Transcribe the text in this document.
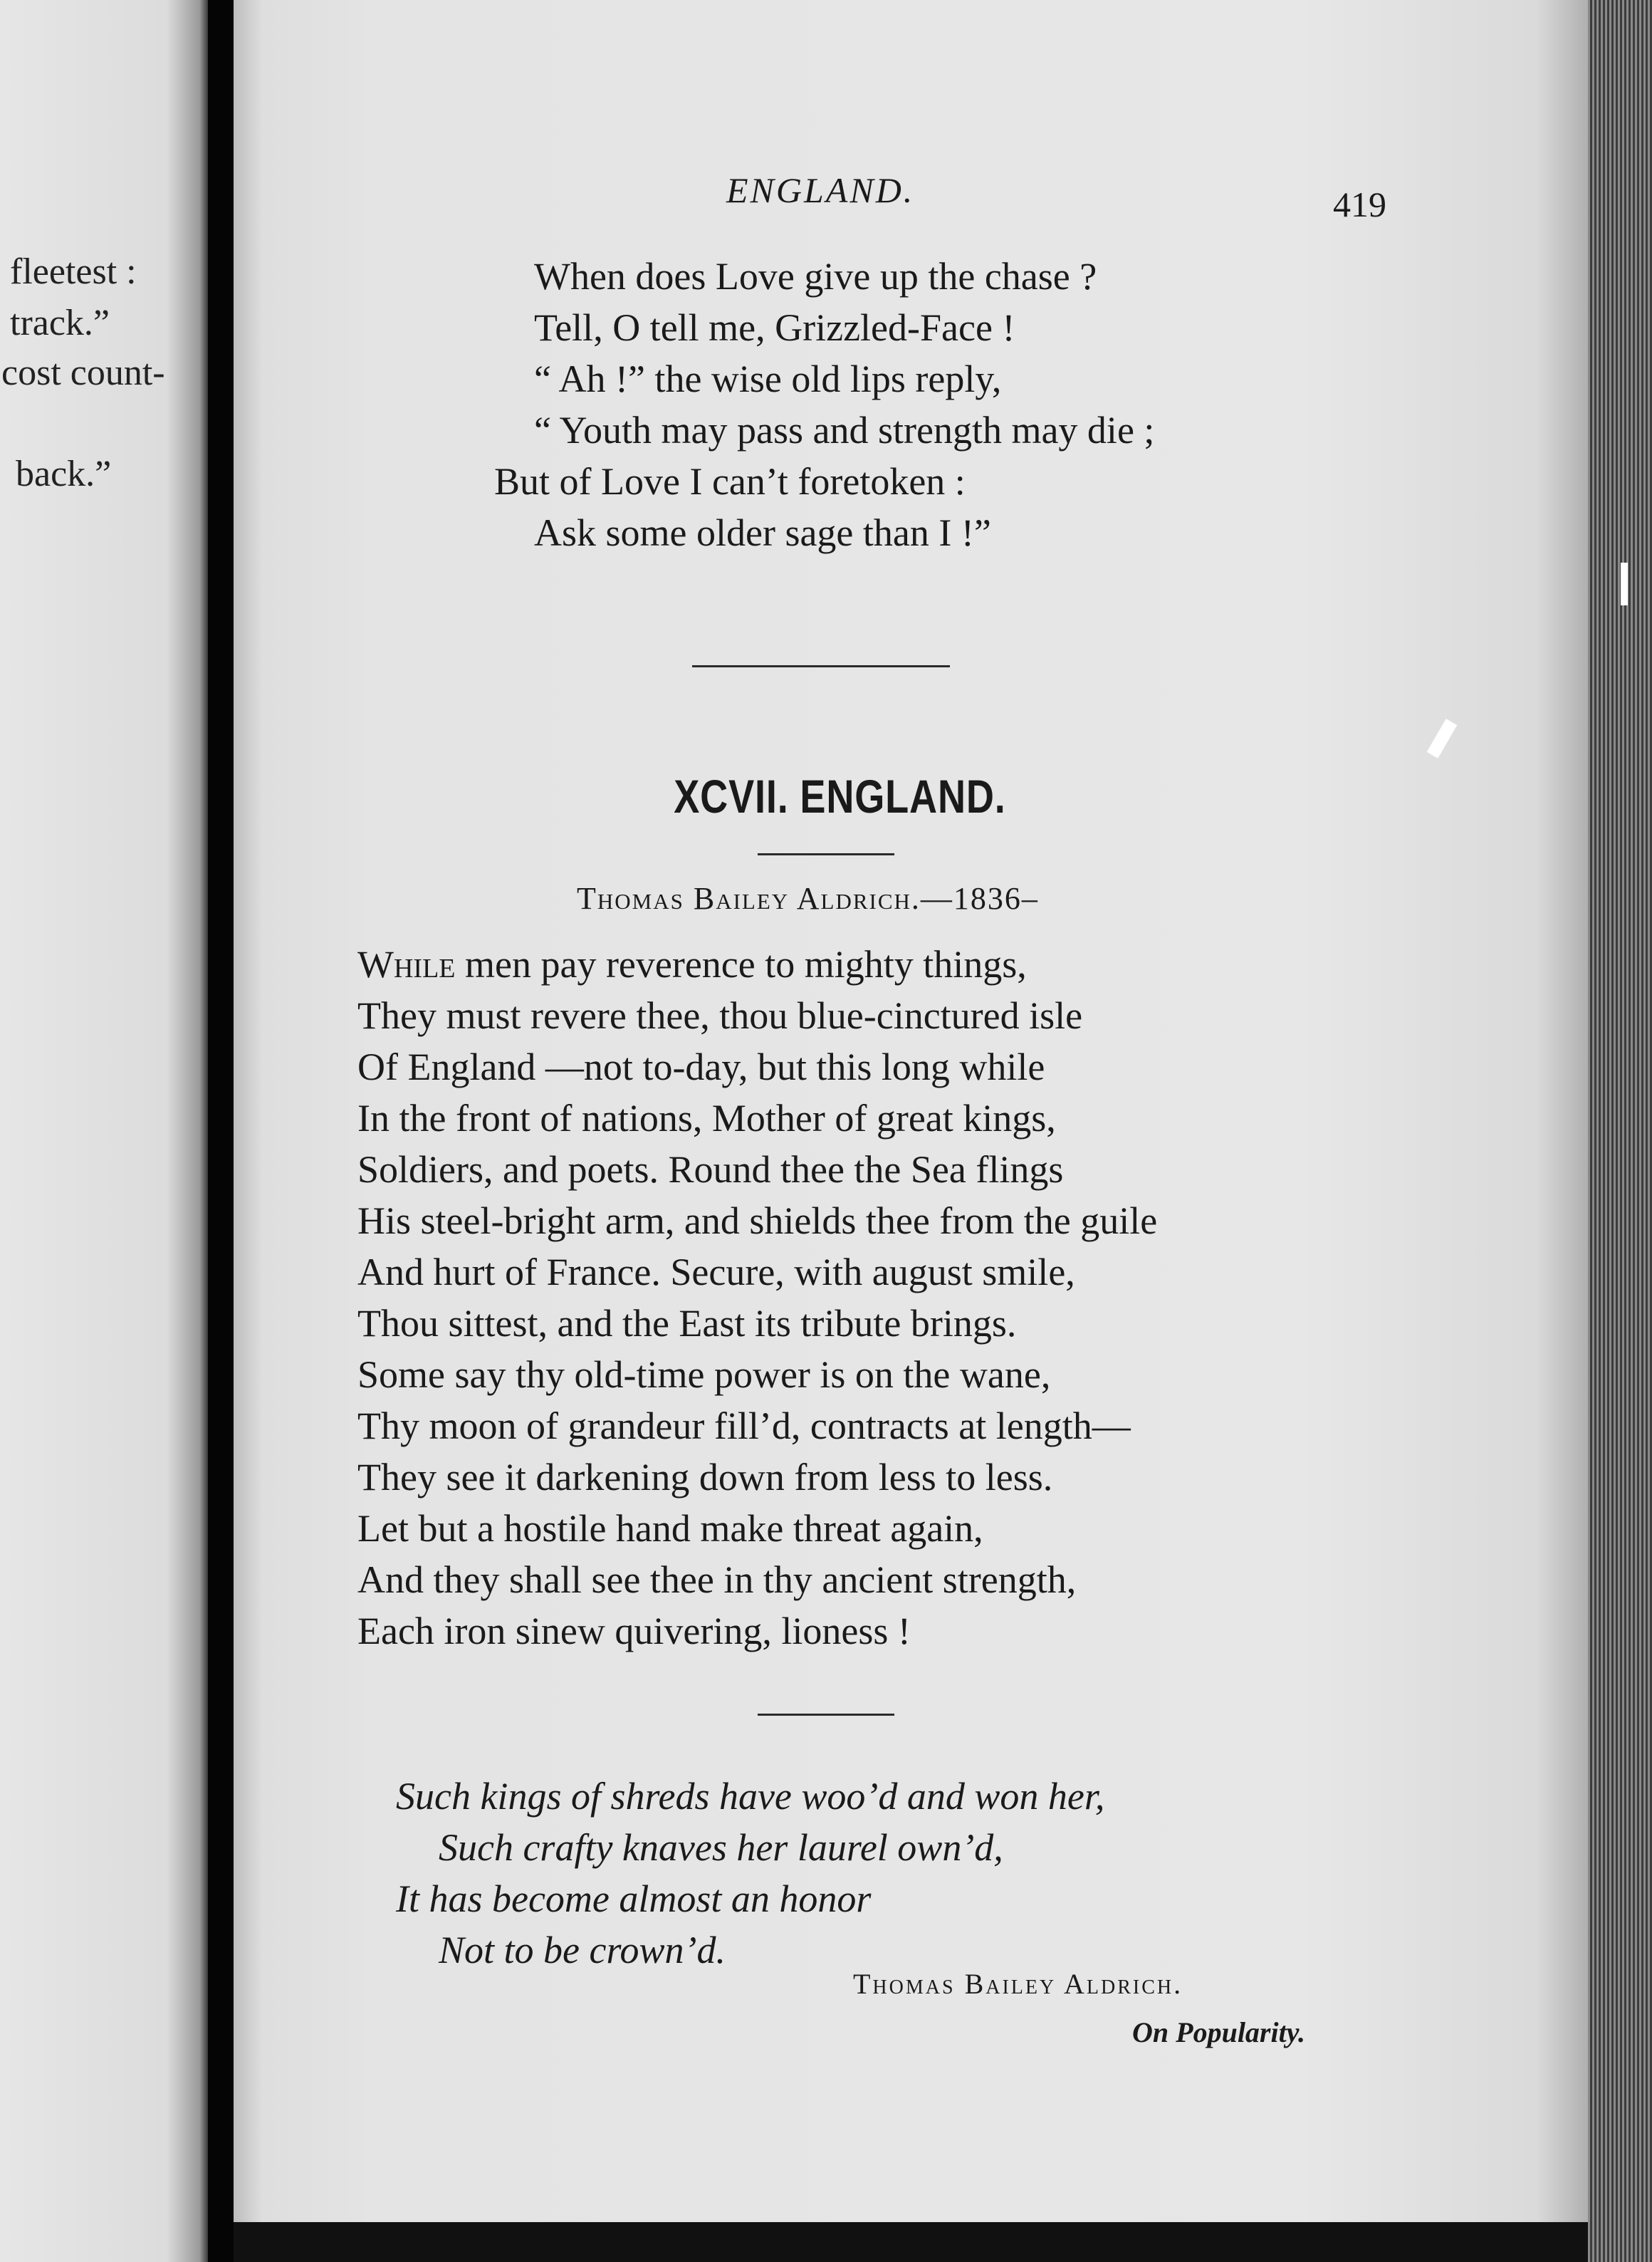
fleetest :
track.”
cost count-
back.”
ENGLAND.	419
When does Love give up the chase ?
Tell, O tell me, Grizzled-Face !
“ Ah !” the wise old lips reply,
“ Youth may pass and strength may die ;
But of Love I can’t foretoken :
Ask some older sage than I !”
XCVII. ENGLAND.
Thomas Bailey Aldrich.—1836–
While men pay reverence to mighty things,
They must revere thee, thou blue-cinctured isle
Of England —not to-day, but this long while
In the front of nations, Mother of great kings,
Soldiers, and poets. Round thee the Sea flings
His steel-bright arm, and shields thee from the guile
And hurt of France. Secure, with august smile,
Thou sittest, and the East its tribute brings.
Some say thy old-time power is on the wane,
Thy moon of grandeur fill’d, contracts at length—
They see it darkening down from less to less.
Let but a hostile hand make threat again,
And they shall see thee in thy ancient strength,
Each iron sinew quivering, lioness !
Such kings of shreds have woo’d and won her,
Such crafty knaves her laurel own’d,
It has become almost an honor
Not to be crown’d.
Thomas Bailey Aldrich.
On Popularity.
